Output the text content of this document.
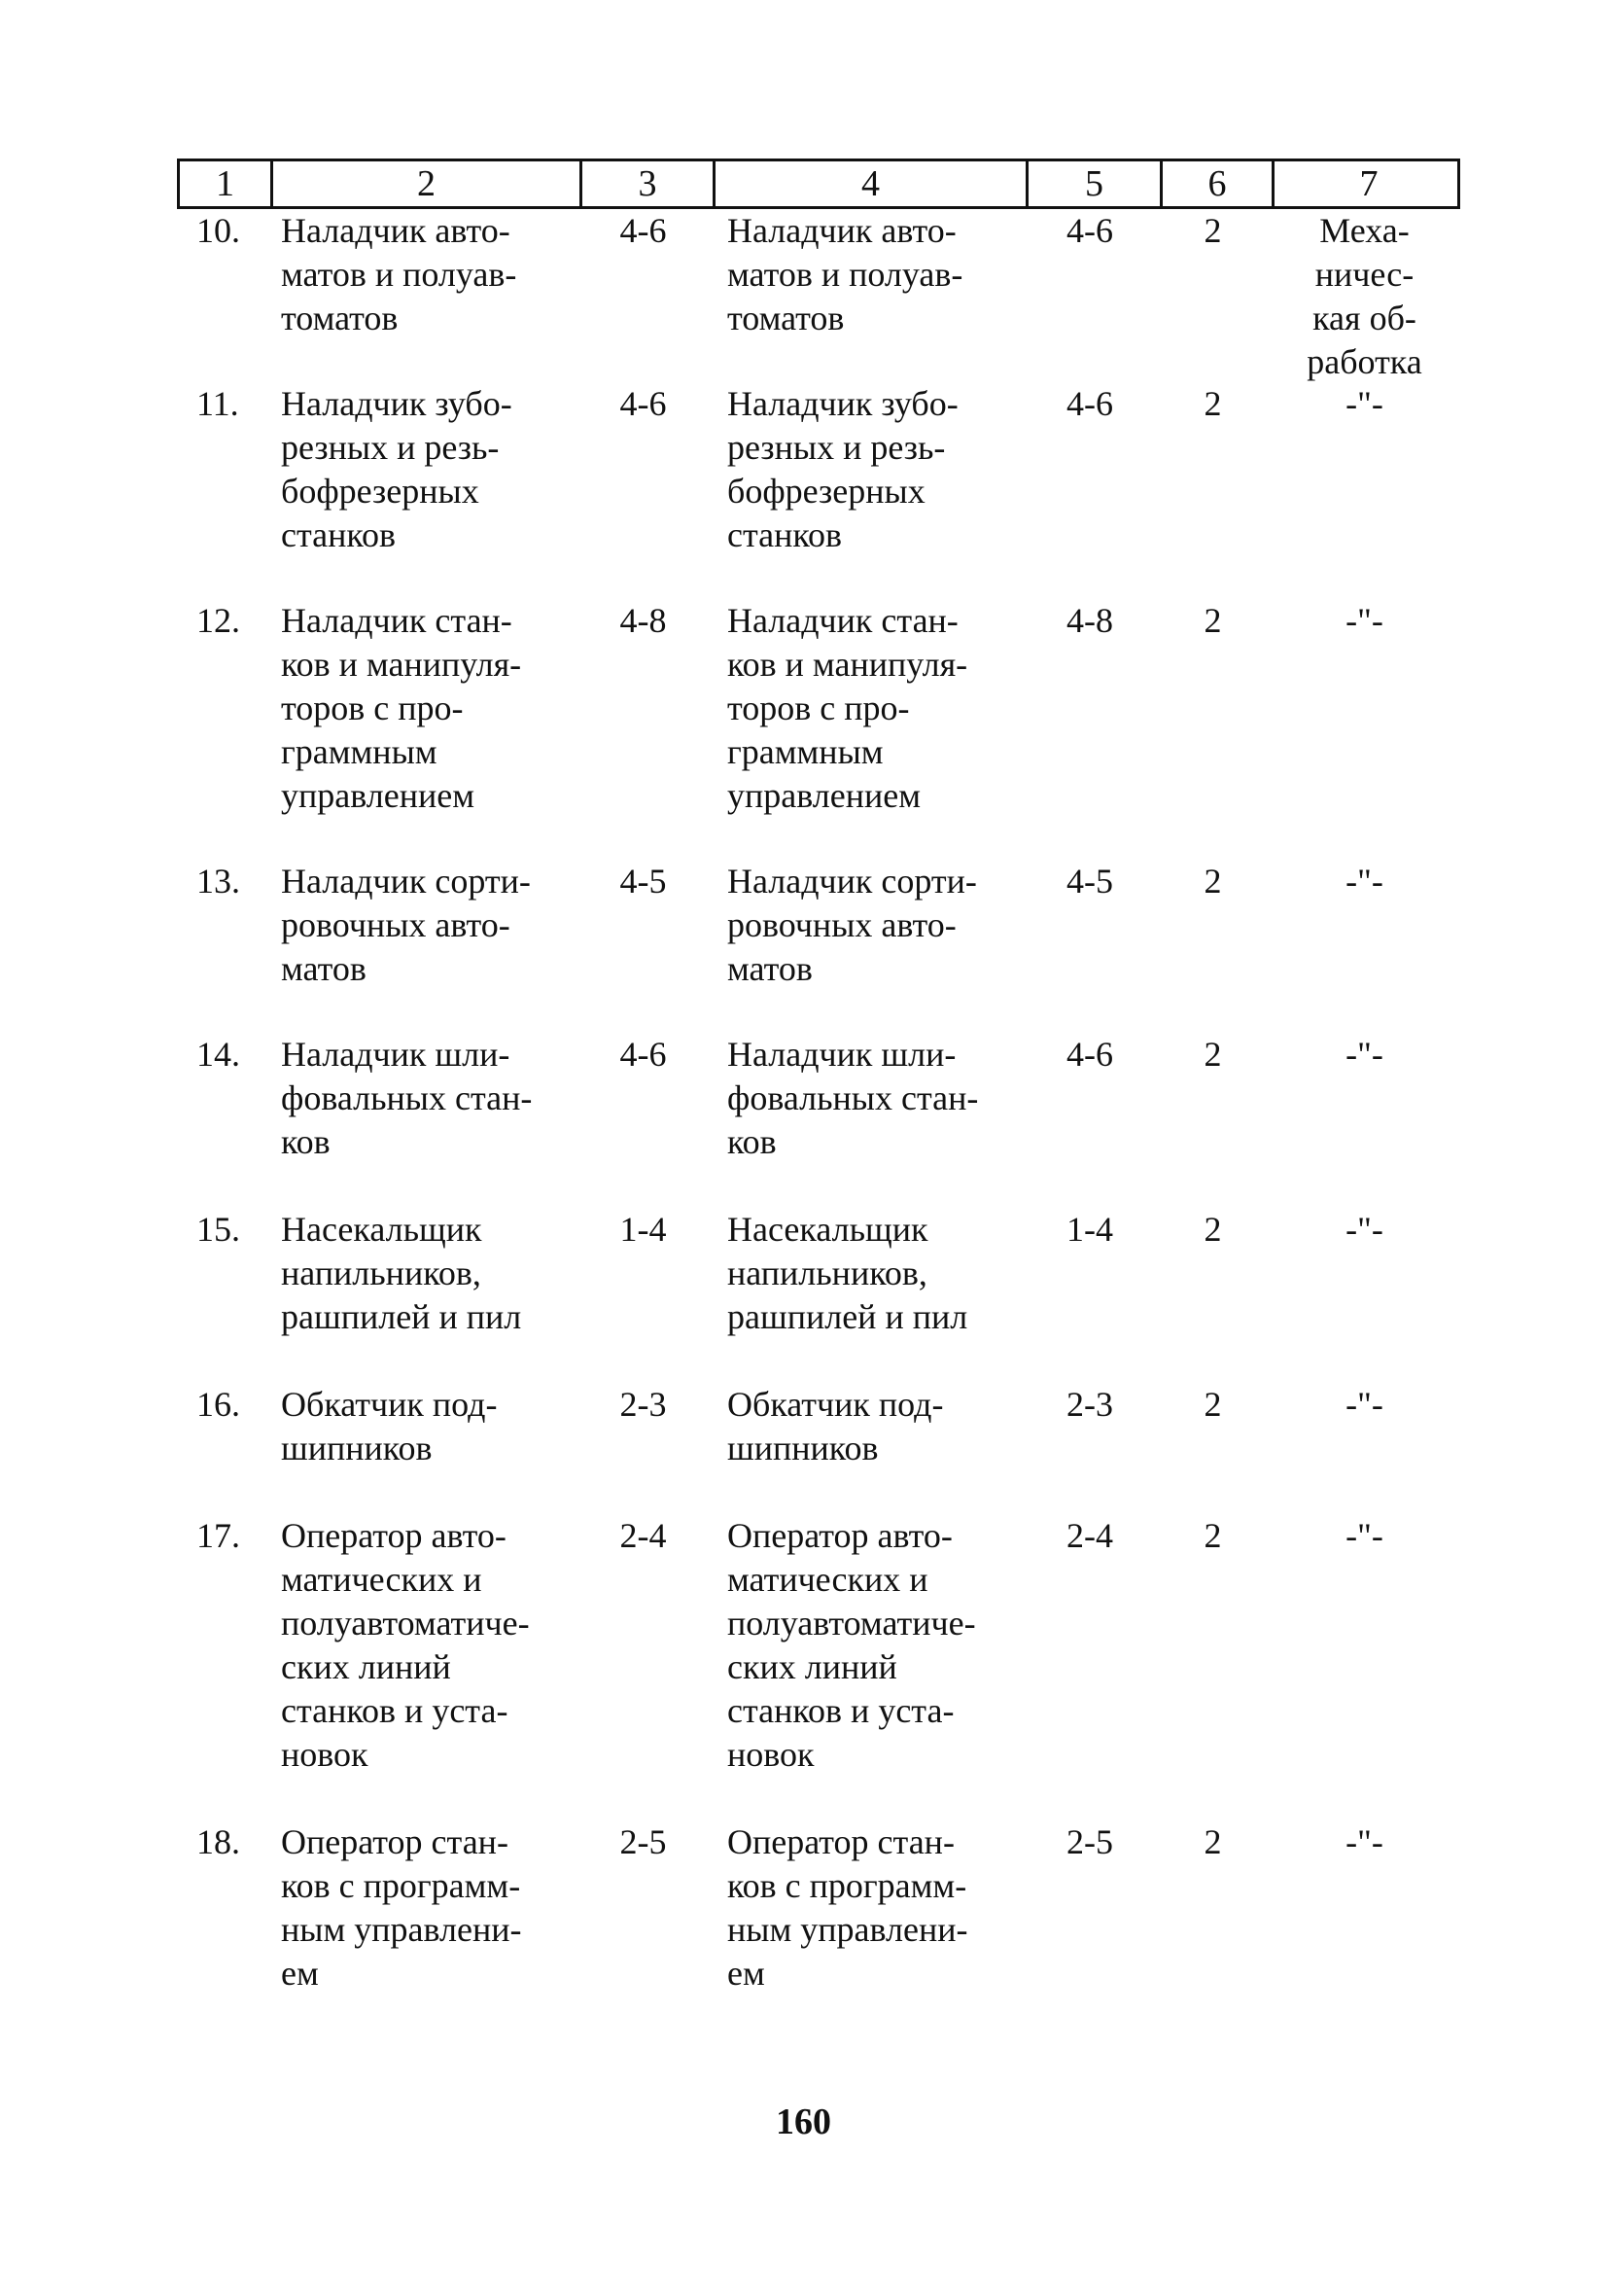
1	2	3	4	5	6	7
10.	Наладчик авто-
матов и полуав-
томатов
4-6	Наладчик авто-
матов и полуав-
томатов
4-6	2	Меха-
ничес-
кая об-
работка
11.	Наладчик зубо-
резных и резь-
бофрезерных
станков
4-6	Наладчик зубо-
резных и резь-
бофрезерных
станков
4-6	2	-"-
12.	Наладчик стан-
ков и манипуля-
торов с про-
граммным
управлением
4-8	Наладчик стан-
ков и манипуля-
торов с про-
граммным
управлением
4-8	2	-"-
13.	Наладчик сорти-
ровочных авто-
матов
4-5	Наладчик сорти-
ровочных авто-
матов
4-5	2	-"-
14.	Наладчик шли-
фовальных стан-
ков
4-6	Наладчик шли-
фовальных стан-
ков
4-6	2	-"-
15.	Насекальщик
напильников,
рашпилей и пил
1-4	Насекальщик
напильников,
рашпилей и пил
1-4	2	-"-
16.	Обкатчик под-
шипников
2-3	Обкатчик под-
шипников
2-3	2	-"-
17.	Оператор авто-
матических и
полуавтоматиче-
ских линий
станков и уста-
новок
2-4	Оператор авто-
матических и
полуавтоматиче-
ских линий
станков и уста-
новок
2-4	2	-"-
18.	Оператор стан-
ков с программ-
ным управлени-
ем
2-5	Оператор стан-
ков с программ-
ным управлени-
ем
2-5	2	-"-
160
